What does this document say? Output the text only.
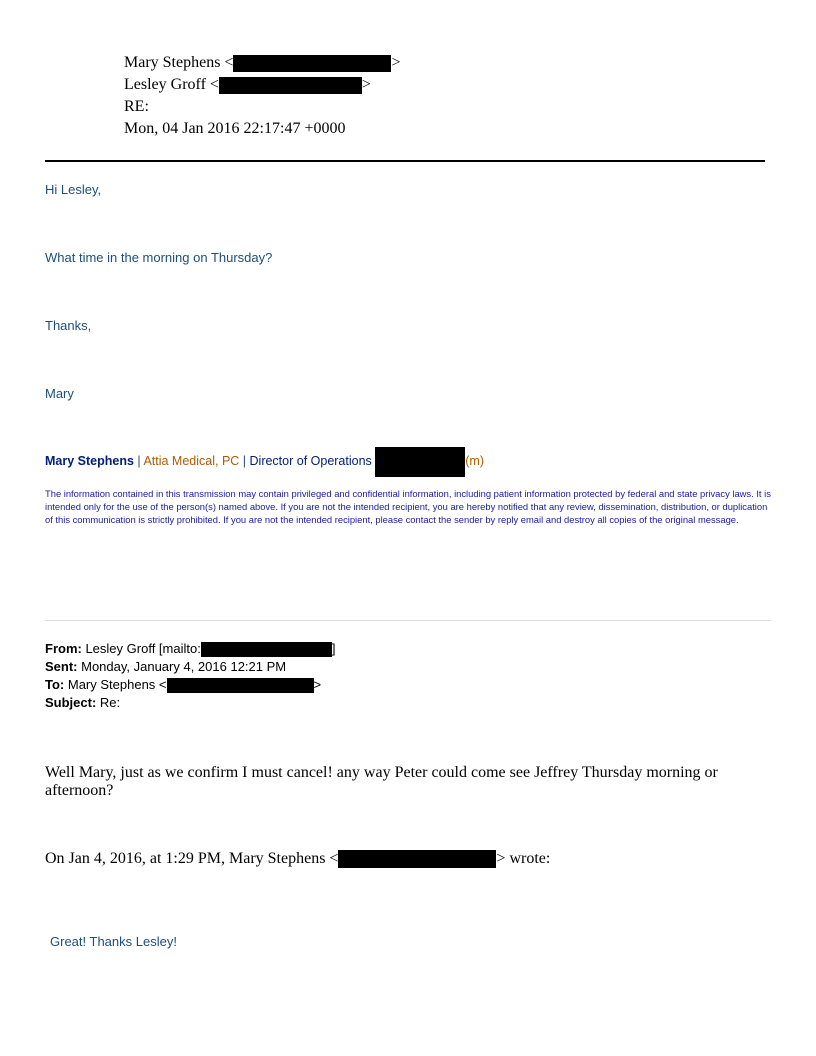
Mary Stephens <	>
Lesley Groff <	>
RE:
Mon, 04 Jan 2016 22:17:47 +0000
Hi Lesley,
What time in the morning on Thursday?
Thanks,
Mary
Mary Stephens | Attia Medical, PC | Director of Operations	(m)
The information contained in this transmission may contain privileged and confidential information, including patient information protected by federal and state privacy laws. It is intended only for the use of the person(s) named above. If you are not the intended recipient, you are hereby notified that any review, dissemination, distribution, or duplication of this communication is strictly prohibited. If you are not the intended recipient, please contact the sender by reply email and destroy all copies of the original message.
From: Lesley Groff [mailto:	]
Sent: Monday, January 4, 2016 12:21 PM
To: Mary Stephens <	>
Subject: Re:
Well Mary, just as we confirm I must cancel! any way Peter could come see Jeffrey Thursday morning or afternoon?
On Jan 4, 2016, at 1:29 PM, Mary Stephens <	> wrote:
Great! Thanks Lesley!
